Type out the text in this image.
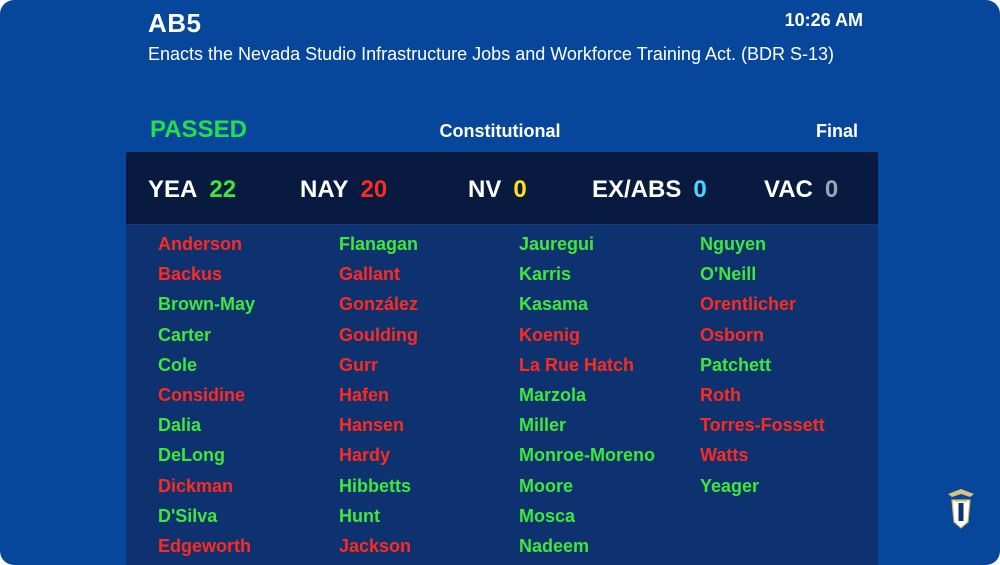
AB5	10:26 AM
Enacts the Nevada Studio Infrastructure Jobs and Workforce Training Act. (BDR S-13)
PASSED	Constitutional	Final
YEA 22	NAY 20	NV 0	EX/ABS 0 VAC 0
Anderson
Backus
Brown-May
Carter
Cole
Considine
Dalia
DeLong
Dickman
D'Silva
Edgeworth
Flanagan
Gallant
González
Goulding
Gurr
Hafen
Hansen
Hardy
Hibbetts
Hunt
Jackson
Jauregui
Karris
Kasama
Koenig
La Rue Hatch
Marzola
Miller
Monroe-Moreno
Moore
Mosca
Nadeem
Nguyen
O'Neill
Orentlicher
Osborn
Patchett
Roth
Torres-Fossett
Watts
Yeager
